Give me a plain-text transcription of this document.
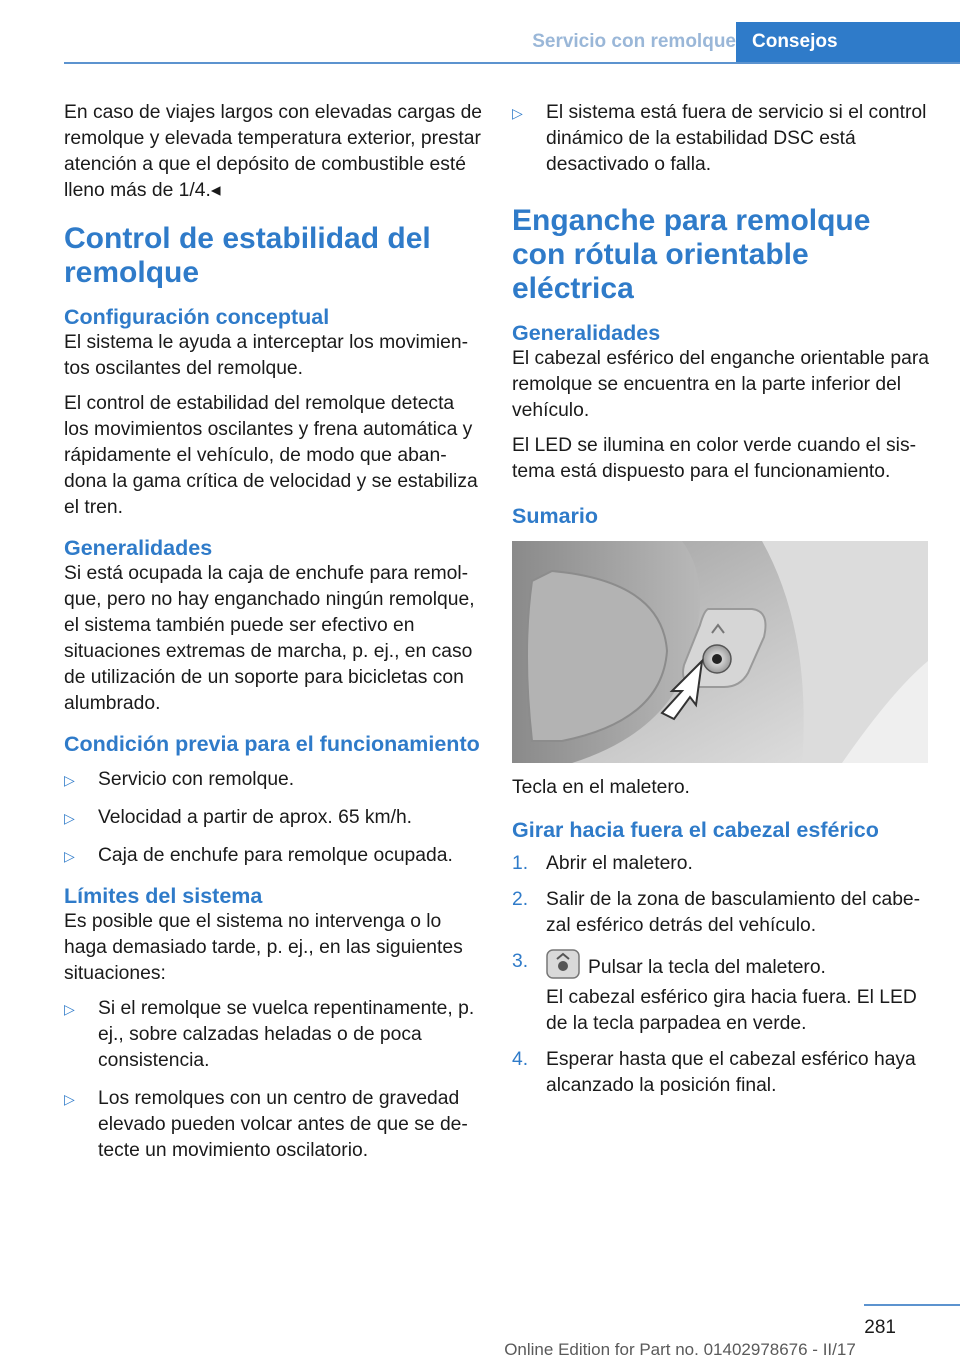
Servicio con remolque Consejos

En caso de viajes largos con elevadas cargas de remolque y elevada temperatura exterior, prestar atención a que el depósito de combustible esté lleno más de 1/4.◂

Control de estabilidad del remolque
Configuración conceptual

El sistema le ayuda a interceptar los movimientos oscilantes del remolque.

El control de estabilidad del remolque detecta los movimientos oscilantes y frena automática y rápidamente el vehículo, de modo que abandona la gama crítica de velocidad y se estabiliza el tren.

Generalidades

Si está ocupada la caja de enchufe para remolque, pero no hay enganchado ningún remolque, el sistema también puede ser efectivo en situaciones extremas de marcha, p. ej., en caso de utilización de un soporte para bicicletas con alumbrado.

Condición previa para el funcionamiento
▷	Servicio con remolque.
▷	Velocidad a partir de aprox. 65 km/h.
▷	Caja de enchufe para remolque ocupada.
Límites del sistema

Es posible que el sistema no intervenga o lo haga demasiado tarde, p. ej., en las siguientes situaciones:

▷	Si el remolque se vuelca repentinamente, p. ej., sobre calzadas heladas o de poca consistencia.
▷	Los remolques con un centro de gravedad elevado pueden volcar antes de que se detecte un movimiento oscilatorio.
▷	El sistema está fuera de servicio si el control dinámico de la estabilidad DSC está desactivado o falla.
Enganche para remolque con rótula orientable eléctrica
Generalidades

El cabezal esférico del enganche orientable para remolque se encuentra en la parte inferior del vehículo.

El LED se ilumina en color verde cuando el sistema está dispuesto para el funcionamiento.

Sumario

Tecla en el maletero.

Girar hacia fuera el cabezal esférico
1. Abrir el maletero.
2. Salir de la zona de basculamiento del cabezal esférico detrás del vehículo.
3.	Pulsar la tecla del maletero.

El cabezal esférico gira hacia fuera. El LED de la tecla parpadea en verde.

4. Esperar hasta que el cabezal esférico haya alcanzado la posición final.
281
Online Edition for Part no. 01402978676 - II/17
